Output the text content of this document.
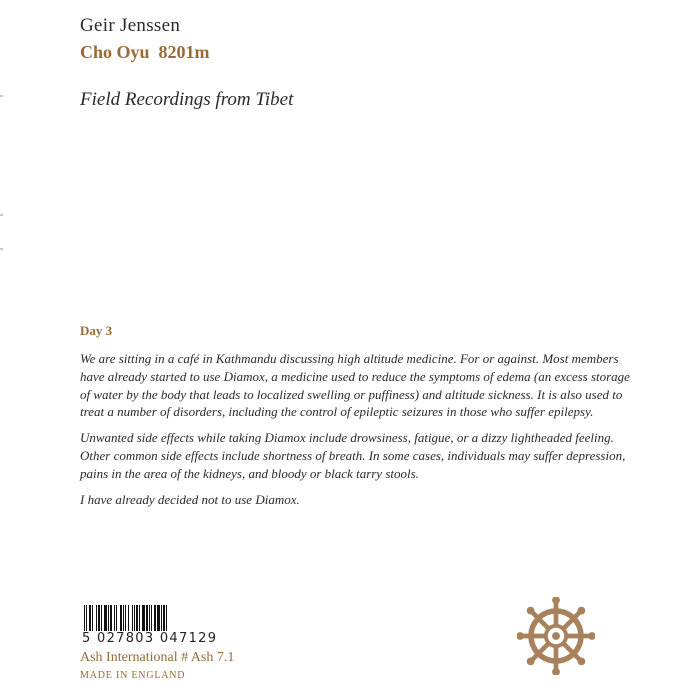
Geir Jenssen
Cho Oyu 8201m
Field Recordings from Tibet
Day 3

We are sitting in a café in Kathmandu discussing high altitude medicine. For or against. Most members have already started to use Diamox, a medicine used to reduce the symptoms of edema (an excess storage of water by the body that leads to localized swelling or puffiness) and altitude sickness. It is also used to treat a number of disorders, including the control of epileptic seizures in those who suffer epilepsy.

Unwanted side effects while taking Diamox include drowsiness, fatigue, or a dizzy lightheaded feeling. Other common side effects include shortness of breath. In some cases, individuals may suffer depression, pains in the area of the kidneys, and bloody or black tarry stools.

I have already decided not to use Diamox.

5 027803 047129
Ash International # Ash 7.1
MADE IN ENGLAND
